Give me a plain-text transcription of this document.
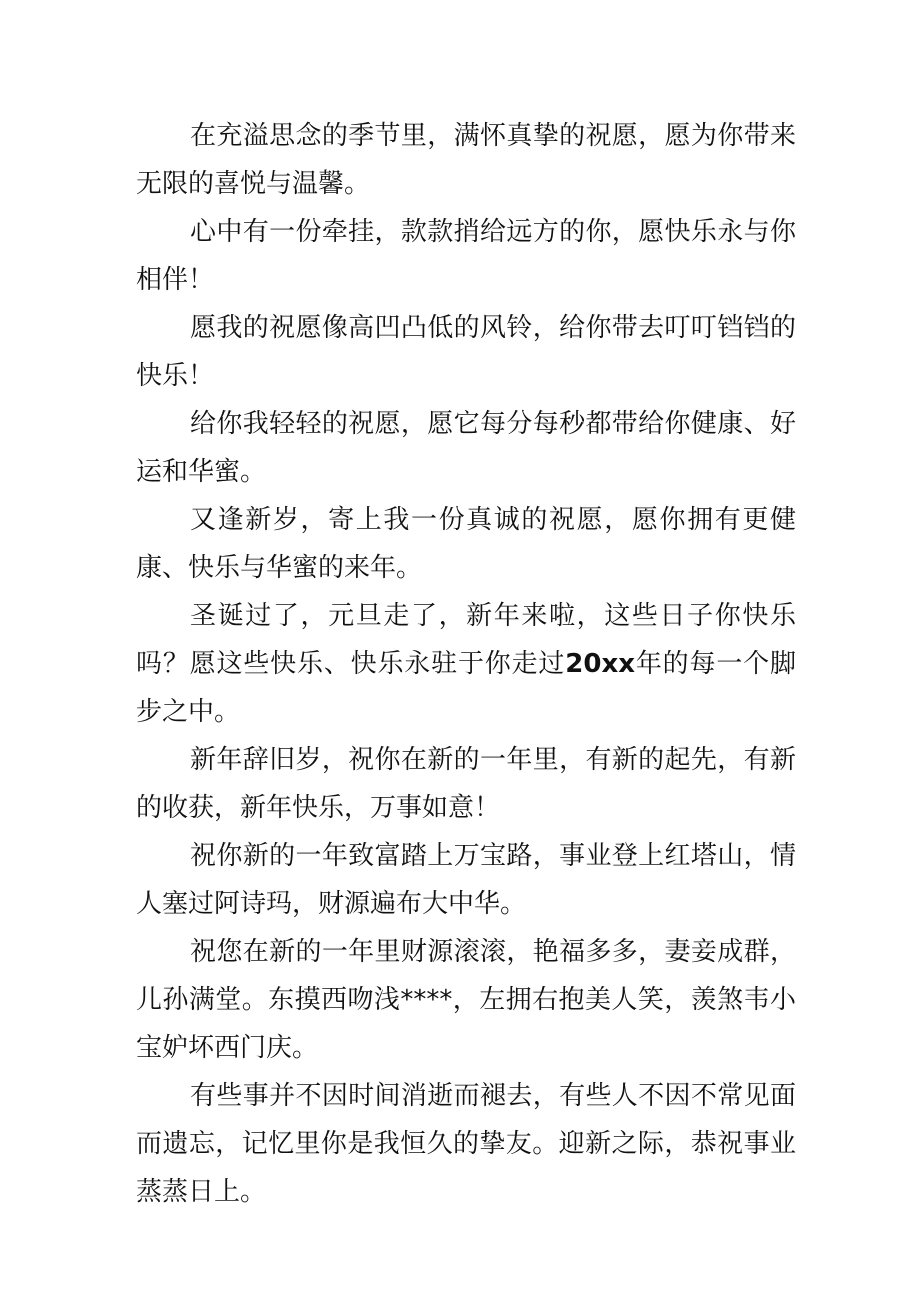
在充溢思念的季节里，满怀真挚的祝愿，愿为你带来无限的喜悦与温馨。

心中有一份牵挂，款款捎给远方的你，愿快乐永与你相伴！

愿我的祝愿像高凹凸低的风铃，给你带去叮叮铛铛的快乐！

给你我轻轻的祝愿，愿它每分每秒都带给你健康、好运和华蜜。

又逢新岁，寄上我一份真诚的祝愿，愿你拥有更健康、快乐与华蜜的来年。

圣诞过了，元旦走了，新年来啦，这些日子你快乐吗？愿这些快乐、快乐永驻于你走过20xx年的每一个脚步之中。

新年辞旧岁，祝你在新的一年里，有新的起先，有新的收获，新年快乐，万事如意！

祝你新的一年致富踏上万宝路，事业登上红塔山，情人塞过阿诗玛，财源遍布大中华。

祝您在新的一年里财源滚滚，艳福多多，妻妾成群，儿孙满堂。东摸西吻浅****，左拥右抱美人笑，羡煞韦小宝妒坏西门庆。

有些事并不因时间消逝而褪去，有些人不因不常见面而遗忘，记忆里你是我恒久的挚友。迎新之际，恭祝事业蒸蒸日上。
